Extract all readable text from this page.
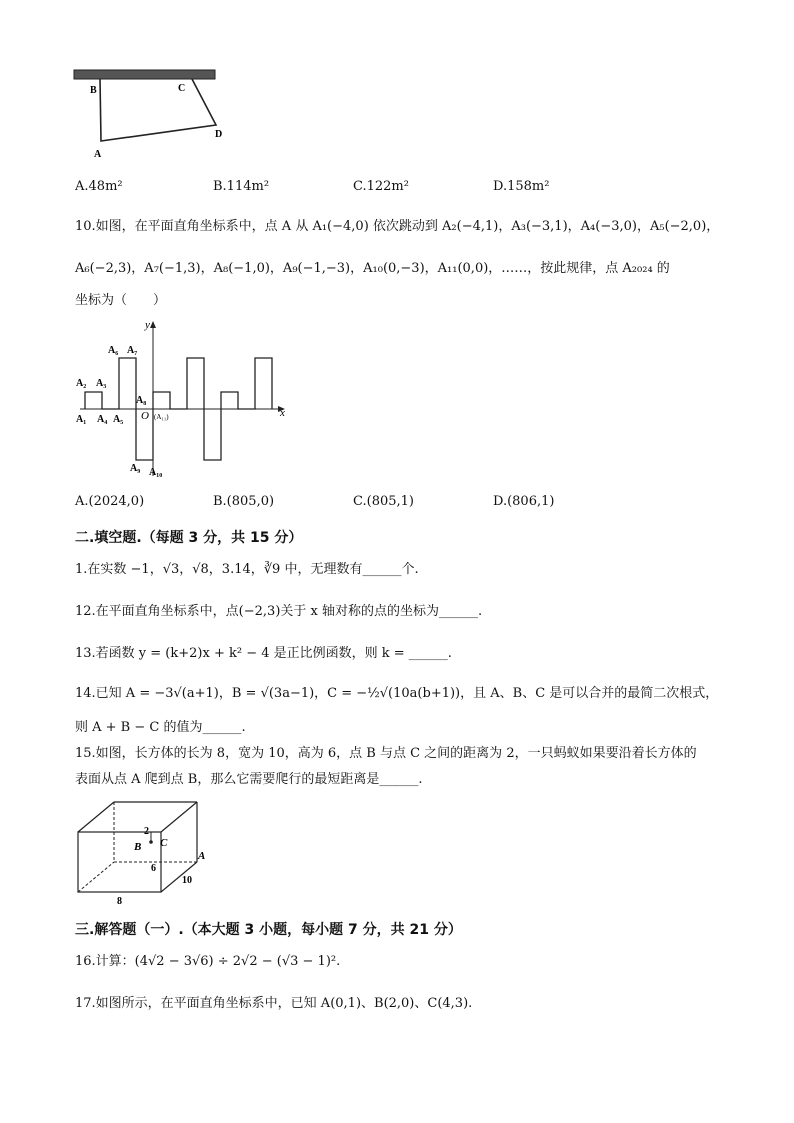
B	C
D
A
A.48m²	B.114m²	C.122m²	D.158m²
10.如图，在平面直角坐标系中，点 A 从 A₁(−4,0) 依次跳动到 A₂(−4,1)，A₃(−3,1)，A₄(−3,0)，A₅(−2,0)，
A₆(−2,3)，A₇(−1,3)，A₈(−1,0)，A₉(−1,−3)，A₁₀(0,−3)，A₁₁(0,0)，……，按此规律，点 A₂₀₂₄ 的
坐标为（　　）
y
x
O (A₁₁)
A₂ A₃
A₁ A₄ A₅
A₆ A₇
A₈
A₉ A₁₀
A.(2024,0)	B.(805,0)	C.(805,1)	D.(806,1)
二.填空题.（每题 3 分，共 15 分）
1.在实数 −1，√3，√8，3.14，∛9 中，无理数有______个.
12.在平面直角坐标系中，点(−2,3)关于 x 轴对称的点的坐标为______.
13.若函数 y = (k+2)x + k² − 4 是正比例函数，则 k = ______.
14.已知 A = −3√(a+1)，B = √(3a−1)，C = −½√(10a(b+1))，且 A、B、C 是可以合并的最简二次根式，
则 A + B − C 的值为______.
15.如图，长方体的长为 8，宽为 10，高为 6，点 B 与点 C 之间的距离为 2，一只蚂蚁如果要沿着长方体的
表面从点 A 爬到点 B，那么它需要爬行的最短距离是______.
2
B C
A
6
10
8
三.解答题（一）.（本大题 3 小题，每小题 7 分，共 21 分）
16.计算：(4√2 − 3√6) ÷ 2√2 − (√3 − 1)².
17.如图所示，在平面直角坐标系中，已知 A(0,1)、B(2,0)、C(4,3).
